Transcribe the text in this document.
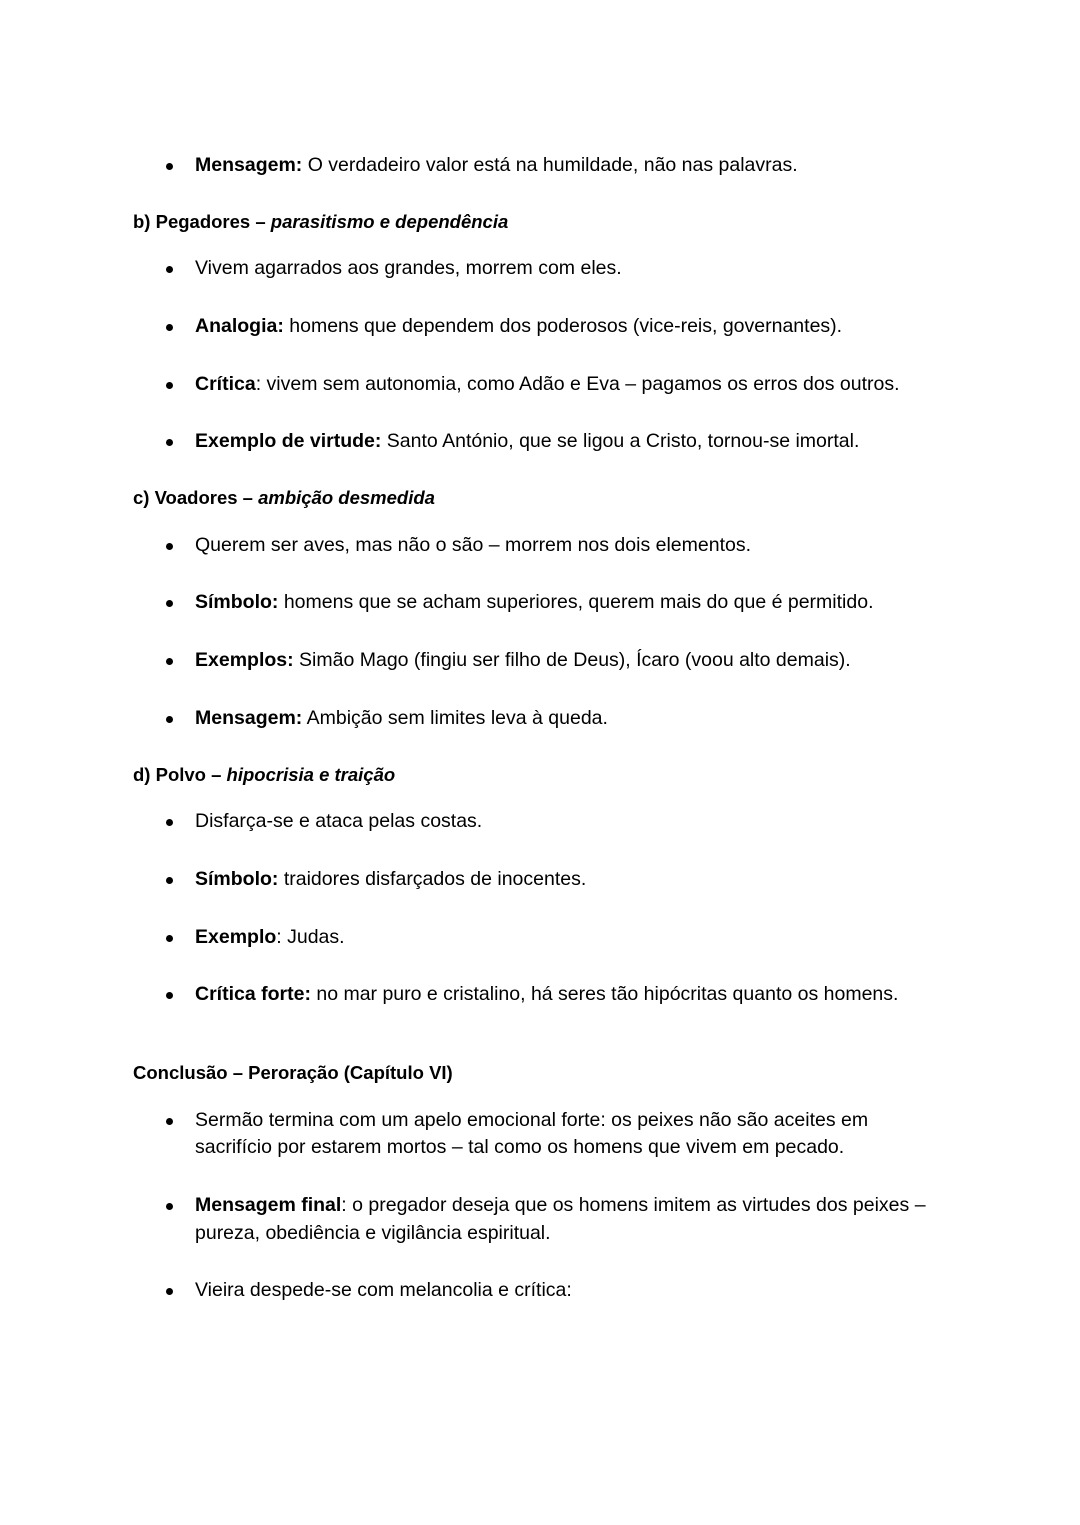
Mensagem: O verdadeiro valor está na humildade, não nas palavras.
b) Pegadores – parasitismo e dependência
Vivem agarrados aos grandes, morrem com eles.
Analogia: homens que dependem dos poderosos (vice-reis, governantes).
Crítica: vivem sem autonomia, como Adão e Eva – pagamos os erros dos outros.
Exemplo de virtude: Santo António, que se ligou a Cristo, tornou-se imortal.
c) Voadores – ambição desmedida
Querem ser aves, mas não o são – morrem nos dois elementos.
Símbolo: homens que se acham superiores, querem mais do que é permitido.
Exemplos: Simão Mago (fingiu ser filho de Deus), Ícaro (voou alto demais).
Mensagem: Ambição sem limites leva à queda.
d) Polvo – hipocrisia e traição
Disfarça-se e ataca pelas costas.
Símbolo: traidores disfarçados de inocentes.
Exemplo: Judas.
Crítica forte: no mar puro e cristalino, há seres tão hipócritas quanto os homens.
Conclusão – Peroração (Capítulo VI)
Sermão termina com um apelo emocional forte: os peixes não são aceites em sacrifício por estarem mortos – tal como os homens que vivem em pecado.
Mensagem final: o pregador deseja que os homens imitem as virtudes dos peixes – pureza, obediência e vigilância espiritual.
Vieira despede-se com melancolia e crítica:
